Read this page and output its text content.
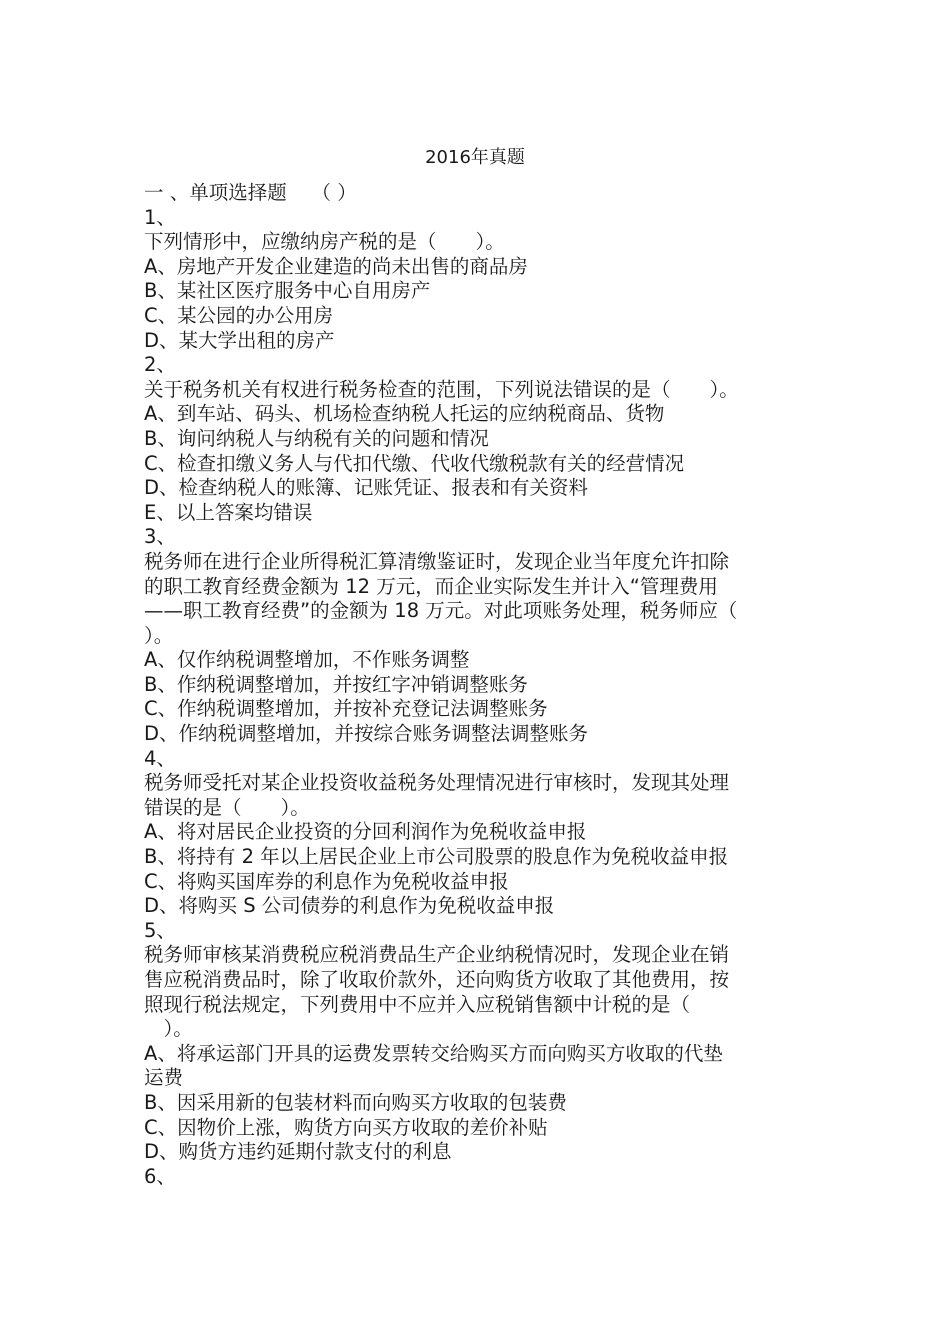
2016年真题
一 、单项选择题    （ ）
1、
下列情形中，应缴纳房产税的是（　　）。
A、房地产开发企业建造的尚未出售的商品房
B、某社区医疗服务中心自用房产
C、某公园的办公用房
D、某大学出租的房产
2、
关于税务机关有权进行税务检查的范围，下列说法错误的是（　　）。
A、到车站、码头、机场检查纳税人托运的应纳税商品、货物
B、询问纳税人与纳税有关的问题和情况
C、检查扣缴义务人与代扣代缴、代收代缴税款有关的经营情况
D、检查纳税人的账簿、记账凭证、报表和有关资料
E、以上答案均错误
3、
税务师在进行企业所得税汇算清缴鉴证时，发现企业当年度允许扣除
的职工教育经费金额为 12 万元，而企业实际发生并计入“管理费用
——职工教育经费”的金额为 18 万元。对此项账务处理，税务师应（
）。
A、仅作纳税调整增加，不作账务调整
B、作纳税调整增加，并按红字冲销调整账务
C、作纳税调整增加，并按补充登记法调整账务
D、作纳税调整增加，并按综合账务调整法调整账务
4、
税务师受托对某企业投资收益税务处理情况进行审核时，发现其处理
错误的是（　　）。
A、将对居民企业投资的分回利润作为免税收益申报
B、将持有 2 年以上居民企业上市公司股票的股息作为免税收益申报
C、将购买国库券的利息作为免税收益申报
D、将购买 S 公司债券的利息作为免税收益申报
5、
税务师审核某消费税应税消费品生产企业纳税情况时，发现企业在销
售应税消费品时，除了收取价款外，还向购货方收取了其他费用，按
照现行税法规定，下列费用中不应并入应税销售额中计税的是（
　）。
A、将承运部门开具的运费发票转交给购买方而向购买方收取的代垫
运费
B、因采用新的包装材料而向购买方收取的包装费
C、因物价上涨，购货方向买方收取的差价补贴
D、购货方违约延期付款支付的利息
6、
